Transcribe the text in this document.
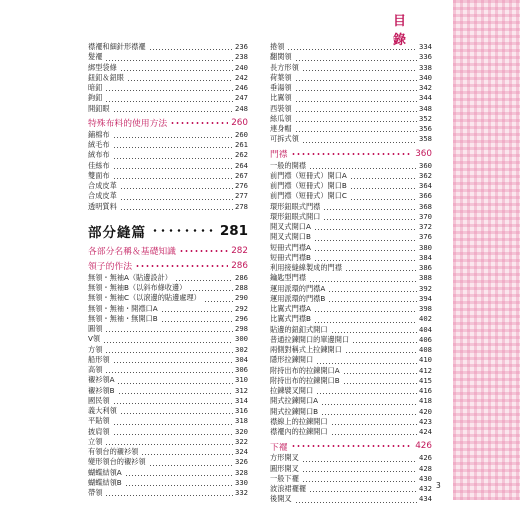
目　錄
襟襬和細針形襟襬	236
髮襬	238
綁型袋條	240
鈕釦＆鈕眼	242
暗釦	246
鉤釦	247
開釦眼	248
特殊布料的使用方法	260
鋪棉布	260
絨毛布	261
絨布布	262
佳絲布	264
雙面布	267
合成皮革	276
合成皮革	277
透明質料	278
部分縫篇	281
各部分名稱＆基礎知識	282
領子的作法	286
無領・無袖A（貼邊設計）	286
無領・無袖B（以斜布條收邊）	288
無領・無袖C（以滾邊的貼邊處理）	290
無領・無袖・開襟口A	292
無領・無袖・無開口B	296
圓領	298
V領	300
方領	302
船形領	304
高領	306
襯衫領A	310
襯衫領B	312
國民領	314
義大利領	316
平貼領	318
披肩領	320
立領	322
有領台的襯衫領	324
變形領台的襯衫領	326
蝴蝶結領A	328
蝴蝶結領B	330
帶領	332
捲領	334
翻関領	336
長方形領	338
荷葉領	340
垂湯領	342
比翼領	344
西裝領	348
絲瓜領	352
連身帽	356
可拆式領	358
門襟	360
一般的開襟	360
前門襟（短冊式）開口A	362
前門襟（短冊式）開口B	364
前門襟（短冊式）開口C	366
環形鈕眼式門襟	368
環形鈕眼式開口	370
開叉式開口A	372
開叉式開口B	376
短冊式門襟A	380
短冊式門襟B	384
利用接縫線製成的門襟	386
鑰匙型門襟	388
運用派環的門襟A	392
運用派環的門襟B	394
比翼式門襟A	398
比翼式門襟B	402
貼邊的鈕釦式開口	404
普通拉鍊開口的單邊開口	406
兩側對稱式上拉鍊開口	408
隱形拉鍊開口	410
附持出布的拉鍊開口A	412
附持出布的拉鍊開口B	415
拉鍊襞叉開口	416
開式拉鍊開口A	418
開式拉鍊開口B	420
襟線上的拉鍊開口	423
襟襬內的拉鍊開口	424
下襬	426
方形開叉	426
圓形開叉	428
一般下襬	430
波浪裙襬襬	432
後開叉	434
3
